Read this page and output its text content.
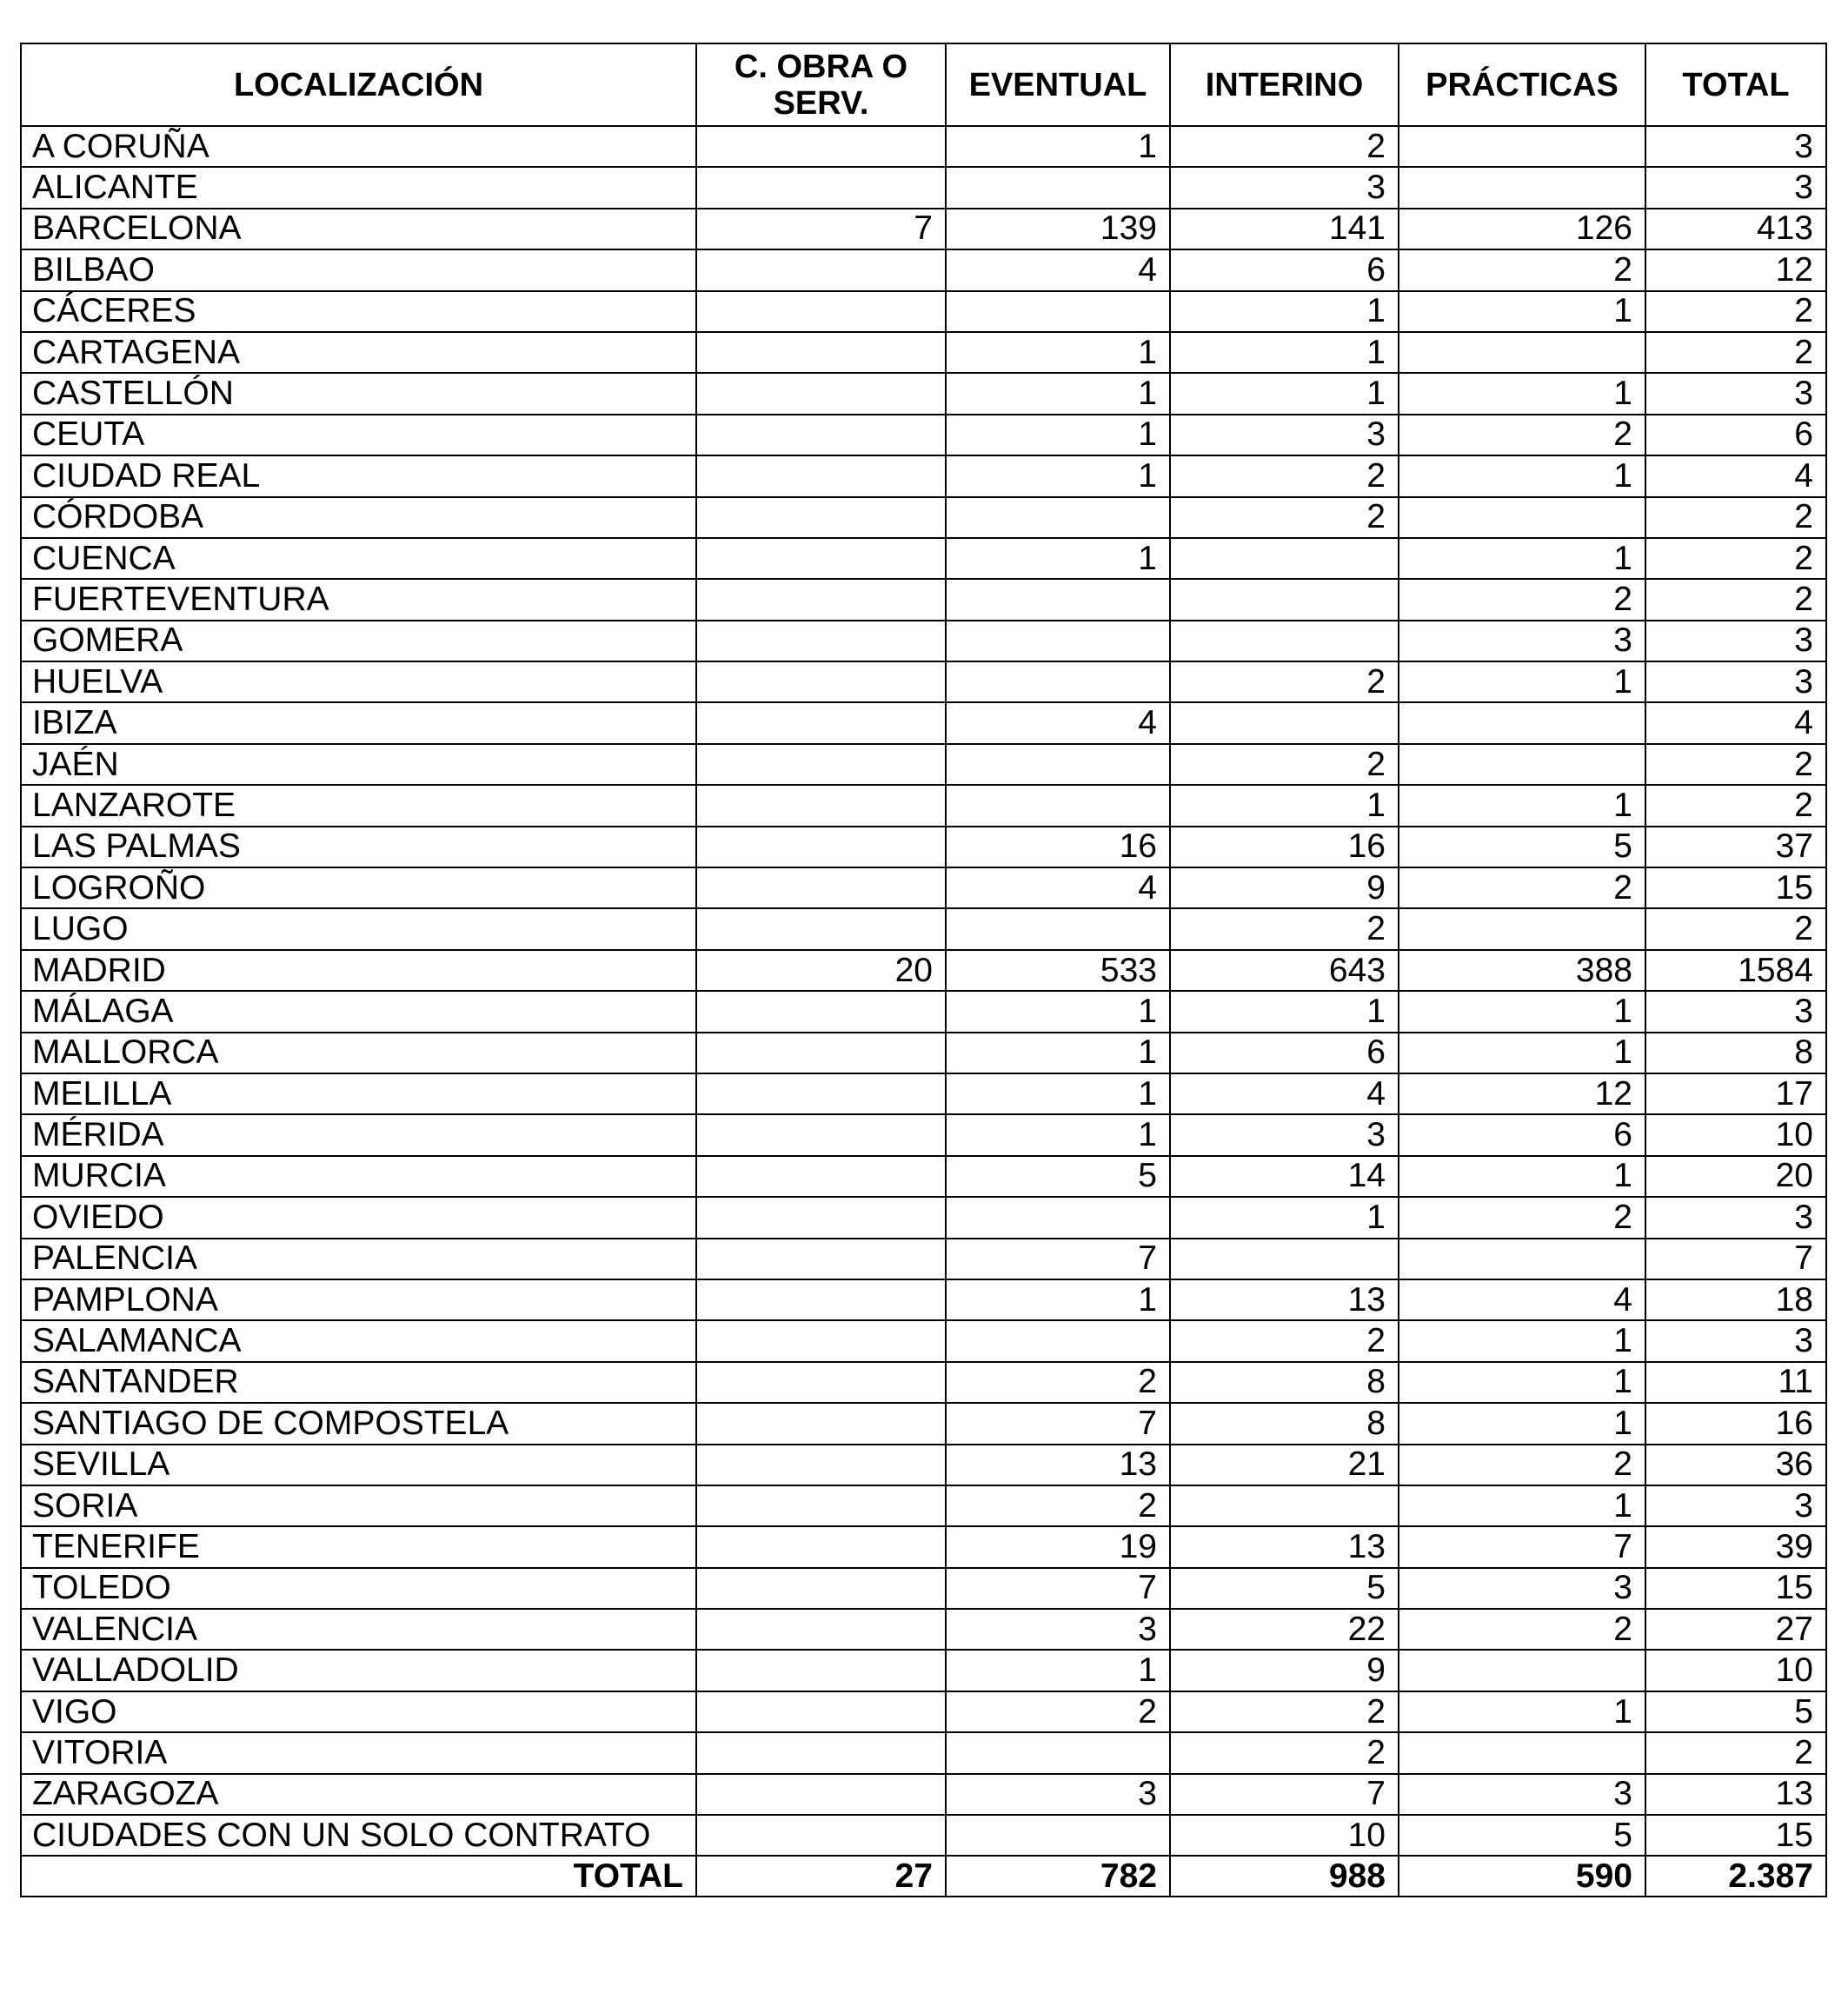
LOCALIZACIÓN	C. OBRA O SERV.	EVENTUAL	INTERINO	PRÁCTICAS	TOTAL
A CORUÑA		1	2		3
ALICANTE			3		3
BARCELONA	7	139	141	126	413
BILBAO		4	6	2	12
CÁCERES			1	1	2
CARTAGENA		1	1		2
CASTELLÓN		1	1	1	3
CEUTA		1	3	2	6
CIUDAD REAL		1	2	1	4
CÓRDOBA			2		2
CUENCA		1		1	2
FUERTEVENTURA				2	2
GOMERA				3	3
HUELVA			2	1	3
IBIZA		4			4
JAÉN			2		2
LANZAROTE			1	1	2
LAS PALMAS		16	16	5	37
LOGROÑO		4	9	2	15
LUGO			2		2
MADRID	20	533	643	388	1584
MÁLAGA		1	1	1	3
MALLORCA		1	6	1	8
MELILLA		1	4	12	17
MÉRIDA		1	3	6	10
MURCIA		5	14	1	20
OVIEDO			1	2	3
PALENCIA		7			7
PAMPLONA		1	13	4	18
SALAMANCA			2	1	3
SANTANDER		2	8	1	11
SANTIAGO DE COMPOSTELA		7	8	1	16
SEVILLA		13	21	2	36
SORIA		2		1	3
TENERIFE		19	13	7	39
TOLEDO		7	5	3	15
VALENCIA		3	22	2	27
VALLADOLID		1	9		10
VIGO		2	2	1	5
VITORIA			2		2
ZARAGOZA		3	7	3	13
CIUDADES CON UN SOLO CONTRATO			10	5	15
TOTAL	27	782	988	590	2.387
